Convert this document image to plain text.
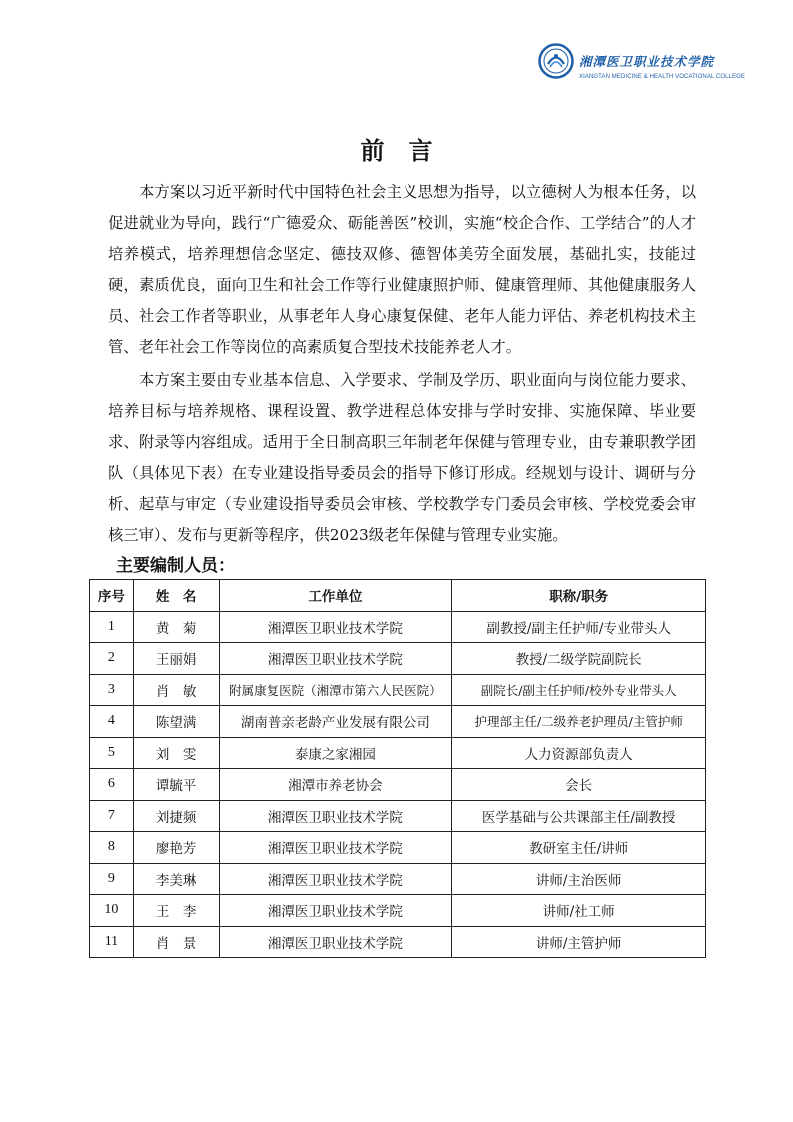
湘潭医卫职业技术学院
XIANGTAN MEDICINE & HEALTH VOCATIONAL COLLEGE
前言

本方案以习近平新时代中国特色社会主义思想为指导，以立德树人为根本任务，以促进就业为导向，践行“广德爱众、砺能善医”校训，实施“校企合作、工学结合”的人才培养模式，培养理想信念坚定、德技双修、德智体美劳全面发展，基础扎实，技能过硬，素质优良，面向卫生和社会工作等行业健康照护师、健康管理师、其他健康服务人员、社会工作者等职业，从事老年人身心康复保健、老年人能力评估、养老机构技术主管、老年社会工作等岗位的高素质复合型技术技能养老人才。

本方案主要由专业基本信息、入学要求、学制及学历、职业面向与岗位能力要求、培养目标与培养规格、课程设置、教学进程总体安排与学时安排、实施保障、毕业要求、附录等内容组成。适用于全日制高职三年制老年保健与管理专业，由专兼职教学团队（具体见下表）在专业建设指导委员会的指导下修订形成。经规划与设计、调研与分析、起草与审定（专业建设指导委员会审核、学校教学专门委员会审核、学校党委会审核三审）、发布与更新等程序，供2023级老年保健与管理专业实施。

主要编制人员：
序号	姓　名	工作单位	职称/职务
1	黄　菊	湘潭医卫职业技术学院	副教授/副主任护师/专业带头人
2	王丽娟	湘潭医卫职业技术学院	教授/二级学院副院长
3	肖　敏	附属康复医院（湘潭市第六人民医院）	副院长/副主任护师/校外专业带头人
4	陈望满	湖南普亲老龄产业发展有限公司	护理部主任/二级养老护理员/主管护师
5	刘　雯	泰康之家湘园	人力资源部负责人
6	谭毓平	湘潭市养老协会	会长
7	刘捷频	湘潭医卫职业技术学院	医学基础与公共课部主任/副教授
8	廖艳芳	湘潭医卫职业技术学院	教研室主任/讲师
9	李美琳	湘潭医卫职业技术学院	讲师/主治医师
10	王　李	湘潭医卫职业技术学院	讲师/社工师
11	肖　景	湘潭医卫职业技术学院	讲师/主管护师
